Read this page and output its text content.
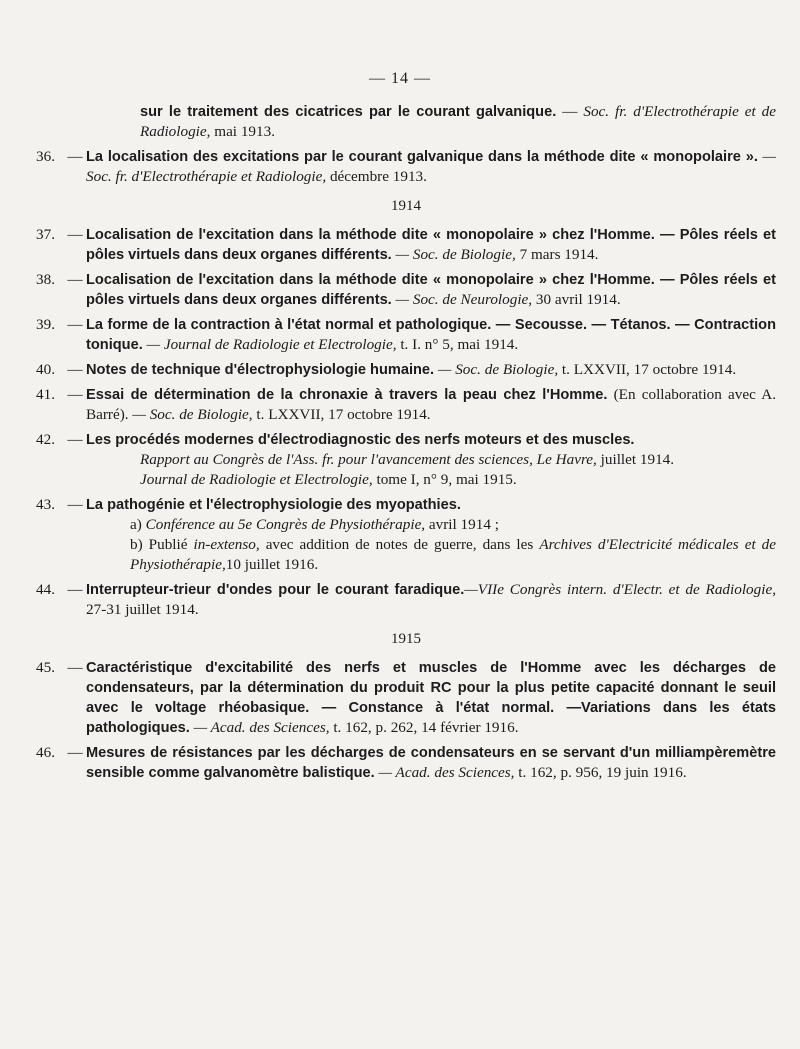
— 14 —
sur le traitement des cicatrices par le courant galvanique. — Soc. fr. d'Electrothérapie et de Radiologie, mai 1913.
36. — La localisation des excitations par le courant galvanique dans la méthode dite « monopolaire ». — Soc. fr. d'Electrothérapie et Radiologie, décembre 1913.
1914
37. — Localisation de l'excitation dans la méthode dite « monopolaire » chez l'Homme. — Pôles réels et pôles virtuels dans deux organes différents. — Soc. de Biologie, 7 mars 1914.
38. — Localisation de l'excitation dans la méthode dite « monopolaire » chez l'Homme. — Pôles réels et pôles virtuels dans deux organes différents. — Soc. de Neurologie, 30 avril 1914.
39. — La forme de la contraction à l'état normal et pathologique. — Secousse. — Tétanos. — Contraction tonique. — Journal de Radiologie et Electrologie, t. I. n° 5, mai 1914.
40. — Notes de technique d'électrophysiologie humaine. — Soc. de Biologie, t. LXXVII, 17 octobre 1914.
41. — Essai de détermination de la chronaxie à travers la peau chez l'Homme. (En collaboration avec A. Barré). — Soc. de Biologie, t. LXXVII, 17 octobre 1914.
42. — Les procédés modernes d'électrodiagnostic des nerfs moteurs et des muscles.
Rapport au Congrès de l'Ass. fr. pour l'avancement des sciences, Le Havre, juillet 1914.
Journal de Radiologie et Electrologie, tome I, n° 9, mai 1915.
43. — La pathogénie et l'électrophysiologie des myopathies.
a) Conférence au 5e Congrès de Physiothérapie, avril 1914 ;
b) Publié in-extenso, avec addition de notes de guerre, dans les Archives d'Electricité médicales et de Physiothérapie,10 juillet 1916.
44. — Interrupteur-trieur d'ondes pour le courant faradique.—VIIe Congrès intern. d'Electr. et de Radiologie, 27-31 juillet 1914.
1915
45. — Caractéristique d'excitabilité des nerfs et muscles de l'Homme avec les décharges de condensateurs, par la détermination du produit RC pour la plus petite capacité donnant le seuil avec le voltage rhéobasique. — Constance à l'état normal. —Variations dans les états pathologiques. — Acad. des Sciences, t. 162, p. 262, 14 février 1916.
46. — Mesures de résistances par les décharges de condensateurs en se servant d'un milliampèremètre sensible comme galvanomètre balistique. — Acad. des Sciences, t. 162, p. 956, 19 juin 1916.
